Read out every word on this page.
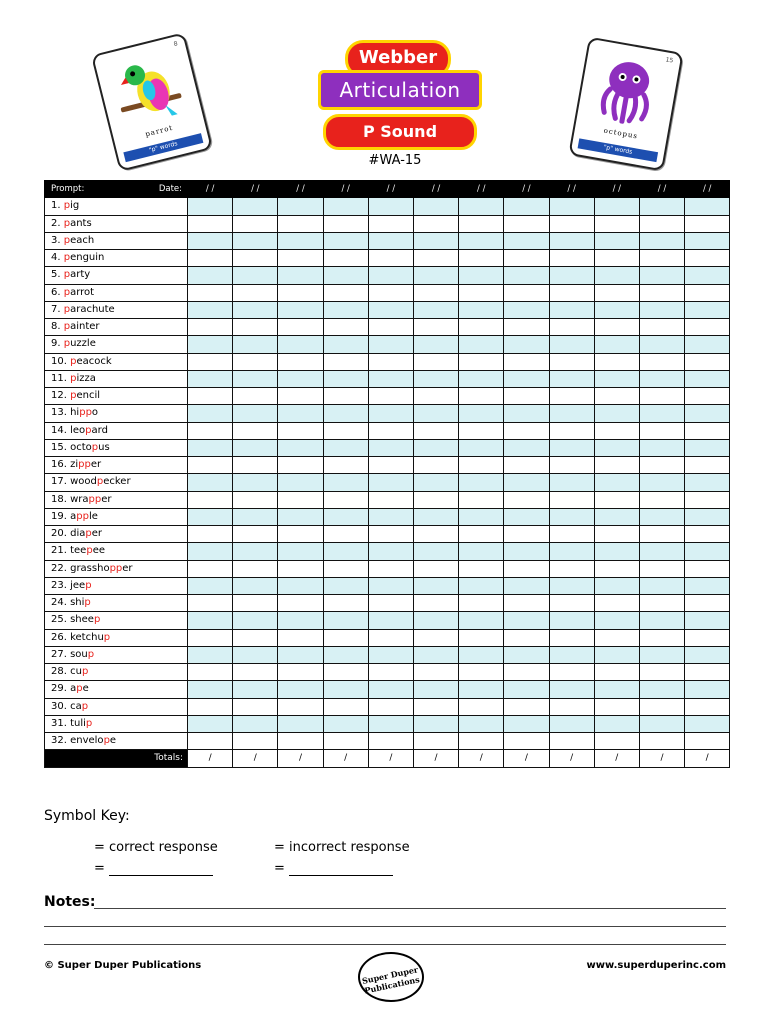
8
parrot
"p" words
15
octopus
"p" words
Webber
Articulation
P Sound
#WA-15
Prompt: Date:	/ /	/ /	/ /	/ /	/ /	/ /	/ /	/ /	/ /	/ /	/ /	/ /
1. pig												
2. pants												
3. peach												
4. penguin												
5. party												
6. parrot												
7. parachute												
8. painter												
9. puzzle												
10. peacock												
11. pizza												
12. pencil												
13. hippo												
14. leopard												
15. octopus												
16. zipper												
17. woodpecker												
18. wrapper												
19. apple												
20. diaper												
21. teepee												
22. grasshopper												
23. jeep												
24. ship												
25. sheep												
26. ketchup												
27. soup												
28. cup												
29. ape												
30. cap												
31. tulip												
32. envelope												
Totals:	/	/	/	/	/	/	/	/	/	/	/	/
Symbol Key:
= correct response	= incorrect response
=	=
Notes:
© Super Duper Publications	Super Duper Publications
www.superduperinc.com
